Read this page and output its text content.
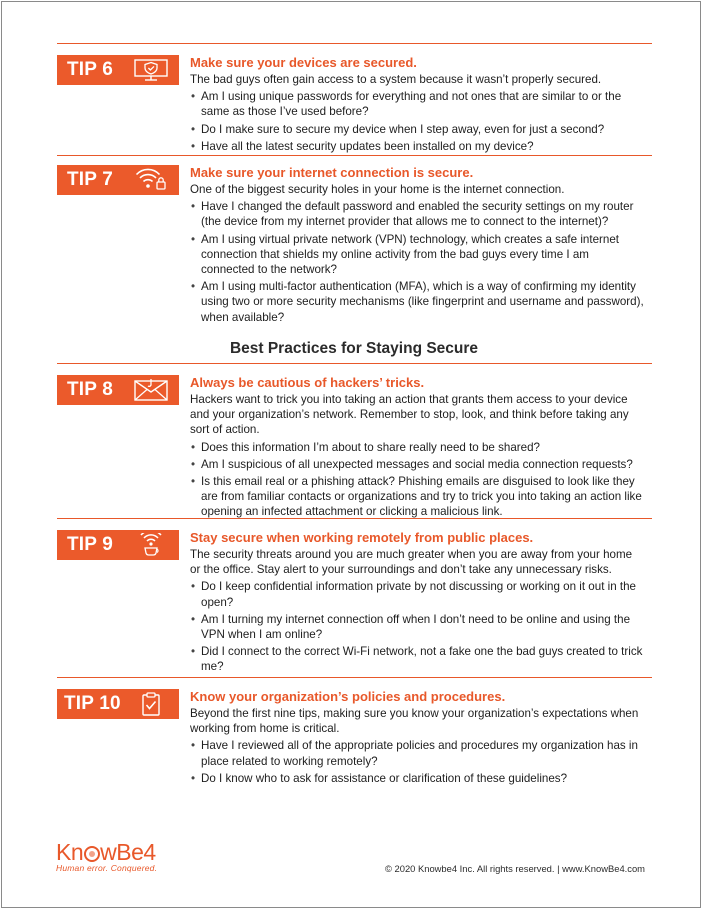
TIP 6	Make sure your devices are secured.
The bad guys often gain access to a system because it wasn’t properly secured.
• Am I using unique passwords for everything and not ones that are similar to or the same as those I’ve used before?
• Do I make sure to secure my device when I step away, even for just a second?
• Have all the latest security updates been installed on my device?
TIP 7	Make sure your internet connection is secure.
One of the biggest security holes in your home is the internet connection.
• Have I changed the default password and enabled the security settings on my router (the device from my internet provider that allows me to connect to the internet)?
• Am I using virtual private network (VPN) technology, which creates a safe internet connection that shields my online activity from the bad guys every time I am connected to the network?
• Am I using multi-factor authentication (MFA), which is a way of confirming my identity using two or more security mechanisms (like fingerprint and username and password), when available?
Best Practices for Staying Secure
TIP 8	Always be cautious of hackers’ tricks.
Hackers want to trick you into taking an action that grants them access to your device and your organization’s network. Remember to stop, look, and think before taking any sort of action.
• Does this information I’m about to share really need to be shared?
• Am I suspicious of all unexpected messages and social media connection requests?
• Is this email real or a phishing attack? Phishing emails are disguised to look like they are from familiar contacts or organizations and try to trick you into taking an action like opening an infected attachment or clicking a malicious link.
TIP 9	Stay secure when working remotely from public places.
The security threats around you are much greater when you are away from your home or the office. Stay alert to your surroundings and don’t take any unnecessary risks.
• Do I keep confidential information private by not discussing or working on it out in the open?
• Am I turning my internet connection off when I don’t need to be online and using the VPN when I am online?
• Did I connect to the correct Wi-Fi network, not a fake one the bad guys created to trick me?
TIP 10	Know your organization’s policies and procedures.
Beyond the first nine tips, making sure you know your organization’s expectations when working from home is critical.
• Have I reviewed all of the appropriate policies and procedures my organization has in place related to working remotely?
• Do I know who to ask for assistance or clarification of these guidelines?
Kn wBe4
Human error. Conquered.	© 2020 Knowbe4 Inc. All rights reserved. | www.KnowBe4.com
